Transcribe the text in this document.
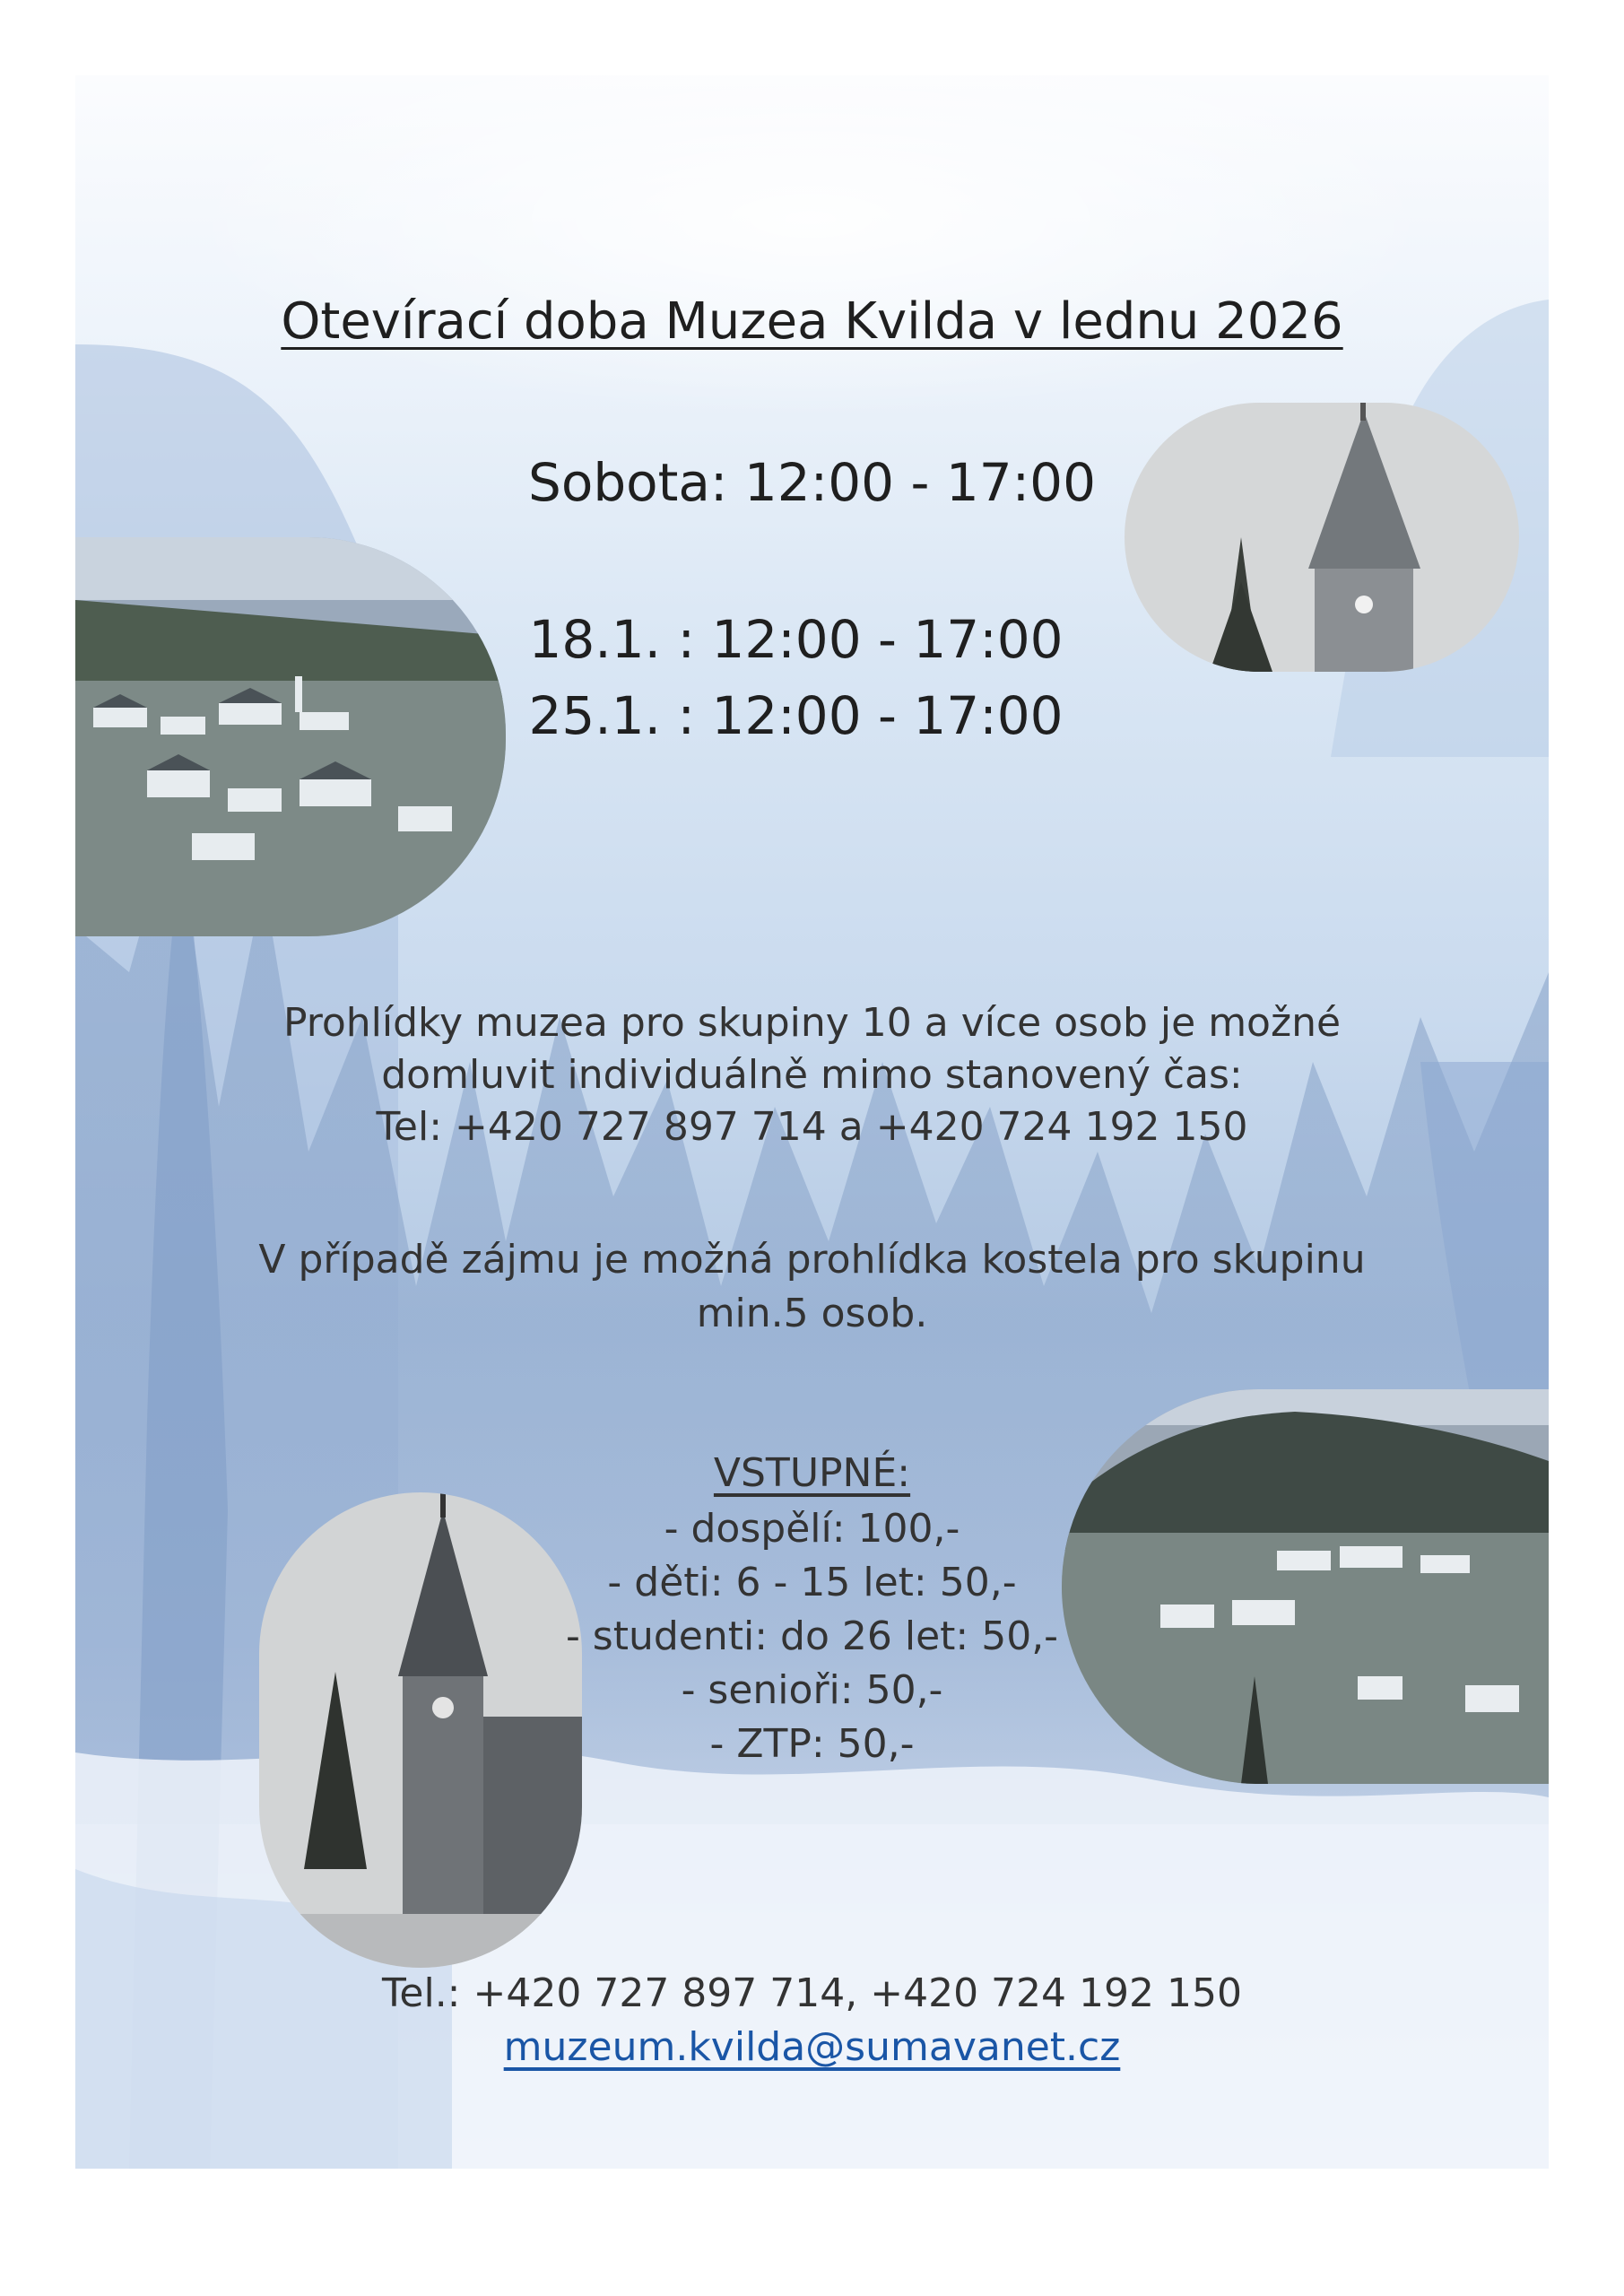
Otevírací doba Muzea Kvilda v lednu 2026
Sobota: 12:00 - 17:00
18.1. : 12:00 - 17:00
25.1. : 12:00 - 17:00
Prohlídky muzea pro skupiny 10 a více osob je možné
domluvit individuálně mimo stanovený čas:
Tel: +420 727 897 714 a +420 724 192 150
V případě zájmu je možná prohlídka kostela pro skupinu
min.5 osob.
VSTUPNÉ:
- dospělí: 100,-
- děti: 6 - 15 let: 50,-
- studenti: do 26 let: 50,-
- senioři: 50,-
- ZTP: 50,-
Tel.: +420 727 897 714, +420 724 192 150
muzeum.kvilda@sumavanet.cz
